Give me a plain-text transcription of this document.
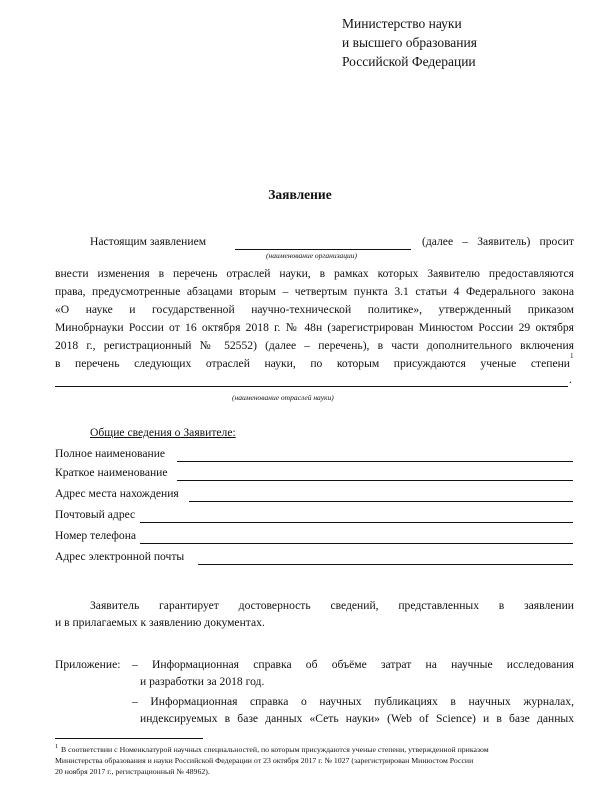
Министерство науки
и высшего образования
Российской Федерации
Заявление
Настоящим заявлением
(наименование организации)
(далее – Заявитель) просит
внести изменения в перечень отраслей науки, в рамках которых Заявителю предоставляются
права, предусмотренные абзацами вторым – четвертым пункта 3.1 статьи 4 Федерального закона
«О науке и государственной научно-технической политике», утвержденный приказом
Минобрнауки России от 16 октября 2018 г. № 48н (зарегистрирован Минюстом России 29 октября
2018 г., регистрационный № 52552) (далее – перечень), в части дополнительного включения
в перечень следующих отраслей науки, по которым присуждаются ученые степени
1
.
(наименование отраслей науки)
Общие сведения о Заявителе:
Полное наименование
Краткое наименование
Адрес места нахождения
Почтовый адрес
Номер телефона
Адрес электронной почты
Заявитель гарантирует достоверность сведений, представленных в заявлении
и в прилагаемых к заявлению документах.
Приложение: – Информационная справка об объёме затрат на научные исследования
и разработки за 2018 год.
– Информационная справка о научных публикациях в научных журналах,
индексируемых в базе данных «Сеть науки» (Web of Science) и в базе данных
1 В соответствии с Номенклатурой научных специальностей, по которым присуждаются ученые степени, утвержденной приказом
Министерства образования и науки Российской Федерации от 23 октября 2017 г. № 1027 (зарегистрирован Минюстом России
20 ноября 2017 г., регистрационный № 48962).
